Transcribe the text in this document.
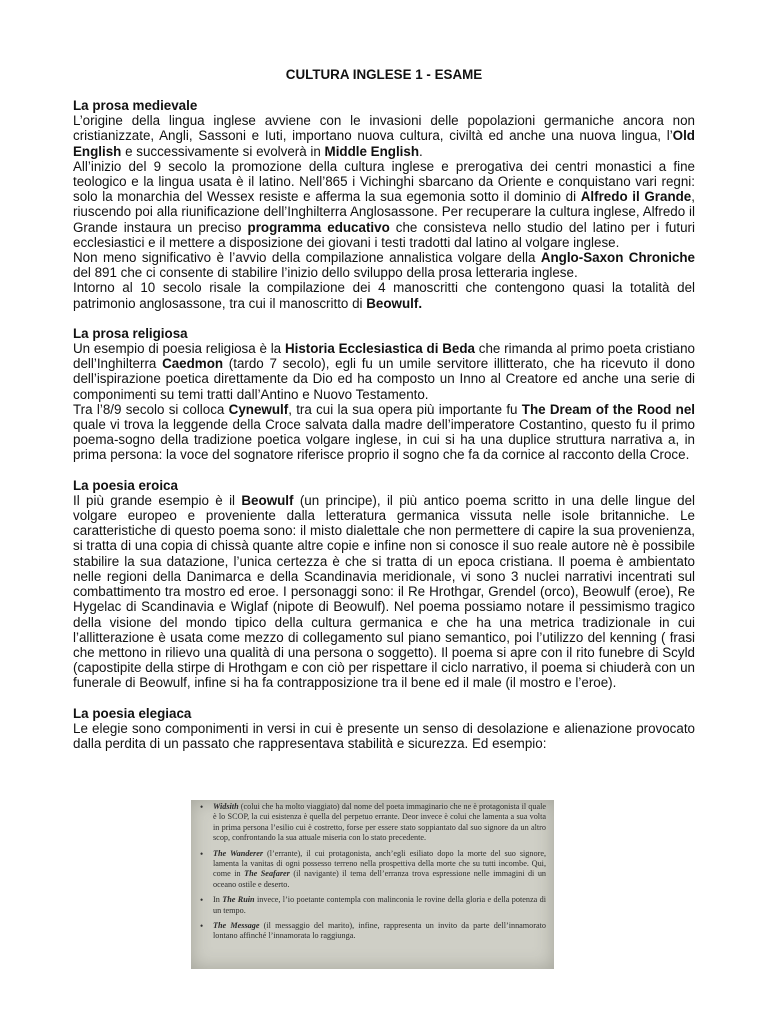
CULTURA INGLESE 1 - ESAME
La prosa medievale

L’origine della lingua inglese avviene con le invasioni delle popolazioni germaniche ancora non cristianizzate, Angli, Sassoni e Iuti, importano nuova cultura, civiltà ed anche una nuova lingua, l’Old English e successivamente si evolverà in Middle English.

All’inizio del 9 secolo la promozione della cultura inglese e prerogativa dei centri monastici a fine teologico e la lingua usata è il latino. Nell’865 i Vichinghi sbarcano da Oriente e conquistano vari regni: solo la monarchia del Wessex resiste e afferma la sua egemonia sotto il dominio di Alfredo il Grande, riuscendo poi alla riunificazione dell’Inghilterra Anglosassone. Per recuperare la cultura inglese, Alfredo il Grande instaura un preciso programma educativo che consisteva nello studio del latino per i futuri ecclesiastici e il mettere a disposizione dei giovani i testi tradotti dal latino al volgare inglese.

Non meno significativo è l’avvio della compilazione annalistica volgare della Anglo-Saxon Chroniche del 891 che ci consente di stabilire l’inizio dello sviluppo della prosa letteraria inglese.

Intorno al 10 secolo risale la compilazione dei 4 manoscritti che contengono quasi la totalità del patrimonio anglosassone, tra cui il manoscritto di Beowulf.

La prosa religiosa

Un esempio di poesia religiosa è la Historia Ecclesiastica di Beda che rimanda al primo poeta cristiano dell’Inghilterra Caedmon (tardo 7 secolo), egli fu un umile servitore illitterato, che ha ricevuto il dono dell’ispirazione poetica direttamente da Dio ed ha composto un Inno al Creatore ed anche una serie di componimenti su temi tratti dall’Antino e Nuovo Testamento.

Tra l’8/9 secolo si colloca Cynewulf, tra cui la sua opera più importante fu The Dream of the Rood nel quale vi trova la leggende della Croce salvata dalla madre dell’imperatore Costantino, questo fu il primo poema-sogno della tradizione poetica volgare inglese, in cui si ha una duplice struttura narrativa a, in prima persona: la voce del sognatore riferisce proprio il sogno che fa da cornice al racconto della Croce.

La poesia eroica

Il più grande esempio è il Beowulf (un principe), il più antico poema scritto in una delle lingue del volgare europeo e proveniente dalla letteratura germanica vissuta nelle isole britanniche. Le caratteristiche di questo poema sono: il misto dialettale che non permettere di capire la sua provenienza, si tratta di una copia di chissà quante altre copie e infine non si conosce il suo reale autore nè è possibile stabilire la sua datazione, l’unica certezza è che si tratta di un epoca cristiana. Il poema è ambientato nelle regioni della Danimarca e della Scandinavia meridionale, vi sono 3 nuclei narrativi incentrati sul combattimento tra mostro ed eroe. I personaggi sono: il Re Hrothgar, Grendel (orco), Beowulf (eroe), Re Hygelac di Scandinavia e Wiglaf (nipote di Beowulf). Nel poema possiamo notare il pessimismo tragico della visione del mondo tipico della cultura germanica e che ha una metrica tradizionale in cui l’allitterazione è usata come mezzo di collegamento sul piano semantico, poi l’utilizzo del kenning ( frasi che mettono in rilievo una qualità di una persona o soggetto). Il poema si apre con il rito funebre di Scyld (capostipite della stirpe di Hrothgam e con ciò per rispettare il ciclo narrativo, il poema si chiuderà con un funerale di Beowulf, infine si ha fa contrapposizione tra il bene ed il male (il mostro e l’eroe).

La poesia elegiaca

Le elegie sono componimenti in versi in cui è presente un senso di desolazione e alienazione provocato dalla perdita di un passato che rappresentava stabilità e sicurezza. Ed esempio:

• Widsith (colui che ha molto viaggiato) dal nome del poeta immaginario che ne è protagonista il quale è lo SCOP, la cui esistenza è quella del perpetuo errante. Deor invece è colui che lamenta a sua volta in prima persona l’esilio cui è costretto, forse per essere stato soppiantato dal suo signore da un altro scop, confrontando la sua attuale miseria con lo stato precedente.
• The Wanderer (l’errante), il cui protagonista, anch’egli esiliato dopo la morte del suo signore, lamenta la vanitas di ogni possesso terreno nella prospettiva della morte che su tutti incombe. Qui, come in The Seafarer (il navigante) il tema dell’erranza trova espressione nelle immagini di un oceano ostile e deserto.
• In The Ruin invece, l’io poetante contempla con malinconia le rovine della gloria e della potenza di un tempo.
• The Message (il messaggio del marito), infine, rappresenta un invito da parte dell’innamorato lontano affinché l’innamorata lo raggiunga.
